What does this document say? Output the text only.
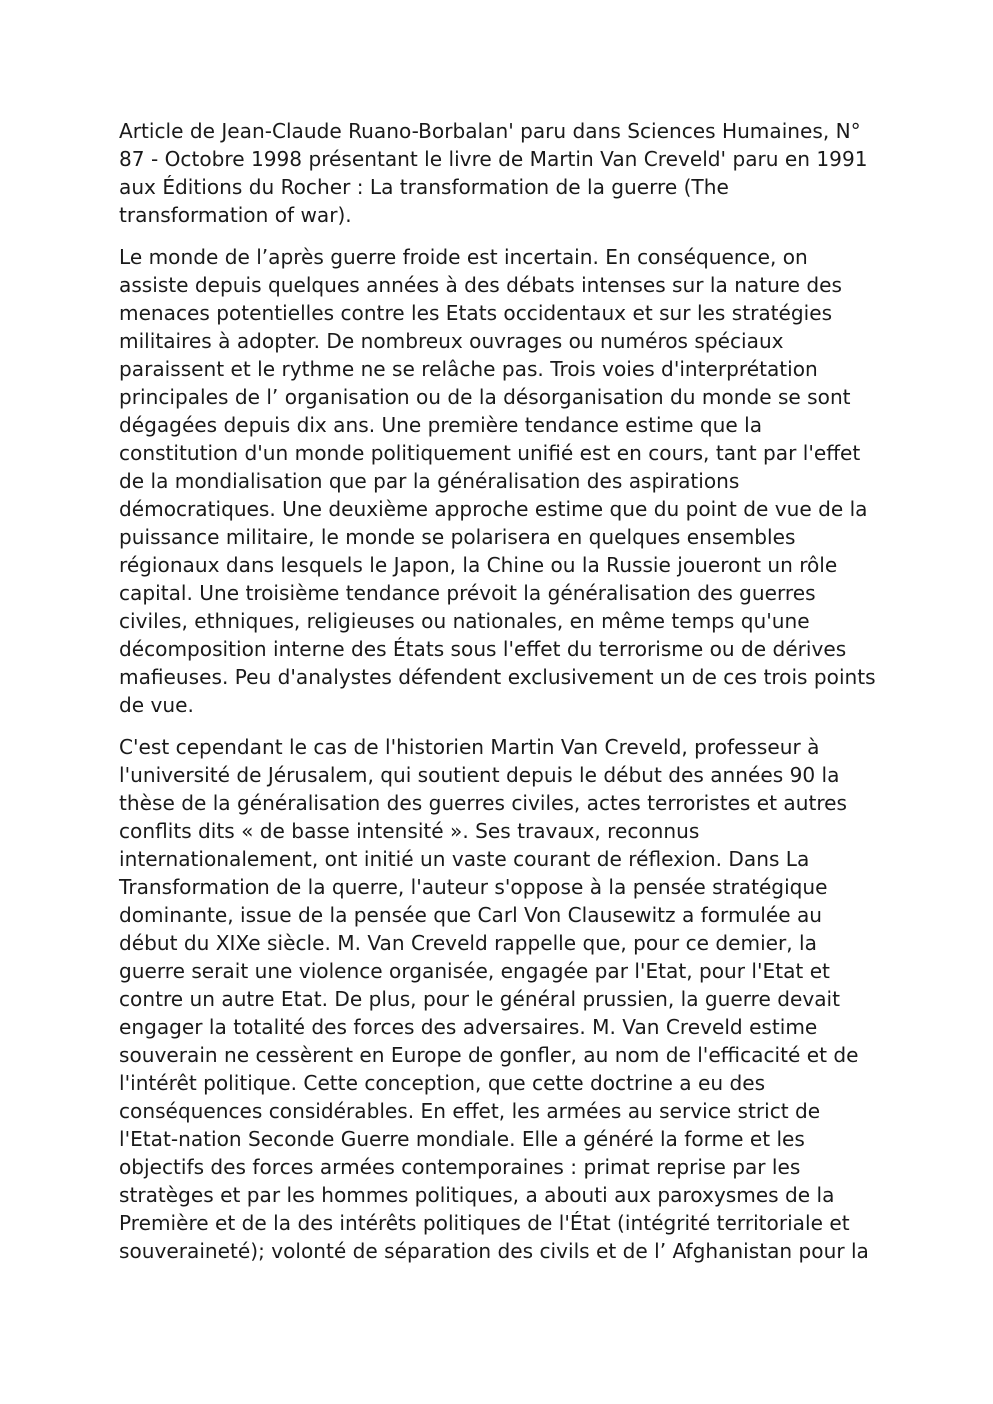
Article de Jean-Claude Ruano-Borbalan' paru dans Sciences Humaines, N°
87 - Octobre 1998 présentant le livre de Martin Van Creveld' paru en 1991
aux Éditions du Rocher : La transformation de la guerre (The
transformation of war).

Le monde de l’après guerre froide est incertain. En conséquence, on
assiste depuis quelques années à des débats intenses sur la nature des
menaces potentielles contre les Etats occidentaux et sur les stratégies
militaires à adopter. De nombreux ouvrages ou numéros spéciaux
paraissent et le rythme ne se relâche pas. Trois voies d'interprétation
principales de l’ organisation ou de la désorganisation du monde se sont
dégagées depuis dix ans. Une première tendance estime que la
constitution d'un monde politiquement unifié est en cours, tant par l'effet
de la mondialisation que par la généralisation des aspirations
démocratiques. Une deuxième approche estime que du point de vue de la
puissance militaire, le monde se polarisera en quelques ensembles
régionaux dans lesquels le Japon, la Chine ou la Russie joueront un rôle
capital. Une troisième tendance prévoit la généralisation des guerres
civiles, ethniques, religieuses ou nationales, en même temps qu'une
décomposition interne des États sous l'effet du terrorisme ou de dérives
mafieuses. Peu d'analystes défendent exclusivement un de ces trois points
de vue.

C'est cependant le cas de l'historien Martin Van Creveld, professeur à
l'université de Jérusalem, qui soutient depuis le début des années 90 la
thèse de la généralisation des guerres civiles, actes terroristes et autres
conflits dits « de basse intensité ». Ses travaux, reconnus
internationalement, ont initié un vaste courant de réflexion. Dans La
Transformation de la querre, l'auteur s'oppose à la pensée stratégique
dominante, issue de la pensée que Carl Von Clausewitz a formulée au
début du XIXe siècle. M. Van Creveld rappelle que, pour ce demier, la
guerre serait une violence organisée, engagée par l'Etat, pour l'Etat et
contre un autre Etat. De plus, pour le général prussien, la guerre devait
engager la totalité des forces des adversaires. M. Van Creveld estime
souverain ne cessèrent en Europe de gonfler, au nom de l'efficacité et de
l'intérêt politique. Cette conception, que cette doctrine a eu des
conséquences considérables. En effet, les armées au service strict de
l'Etat-nation Seconde Guerre mondiale. Elle a généré la forme et les
objectifs des forces armées contemporaines : primat reprise par les
stratèges et par les hommes politiques, a abouti aux paroxysmes de la
Première et de la des intérêts politiques de l'État (intégrité territoriale et
souveraineté); volonté de séparation des civils et de l’ Afghanistan pour la
